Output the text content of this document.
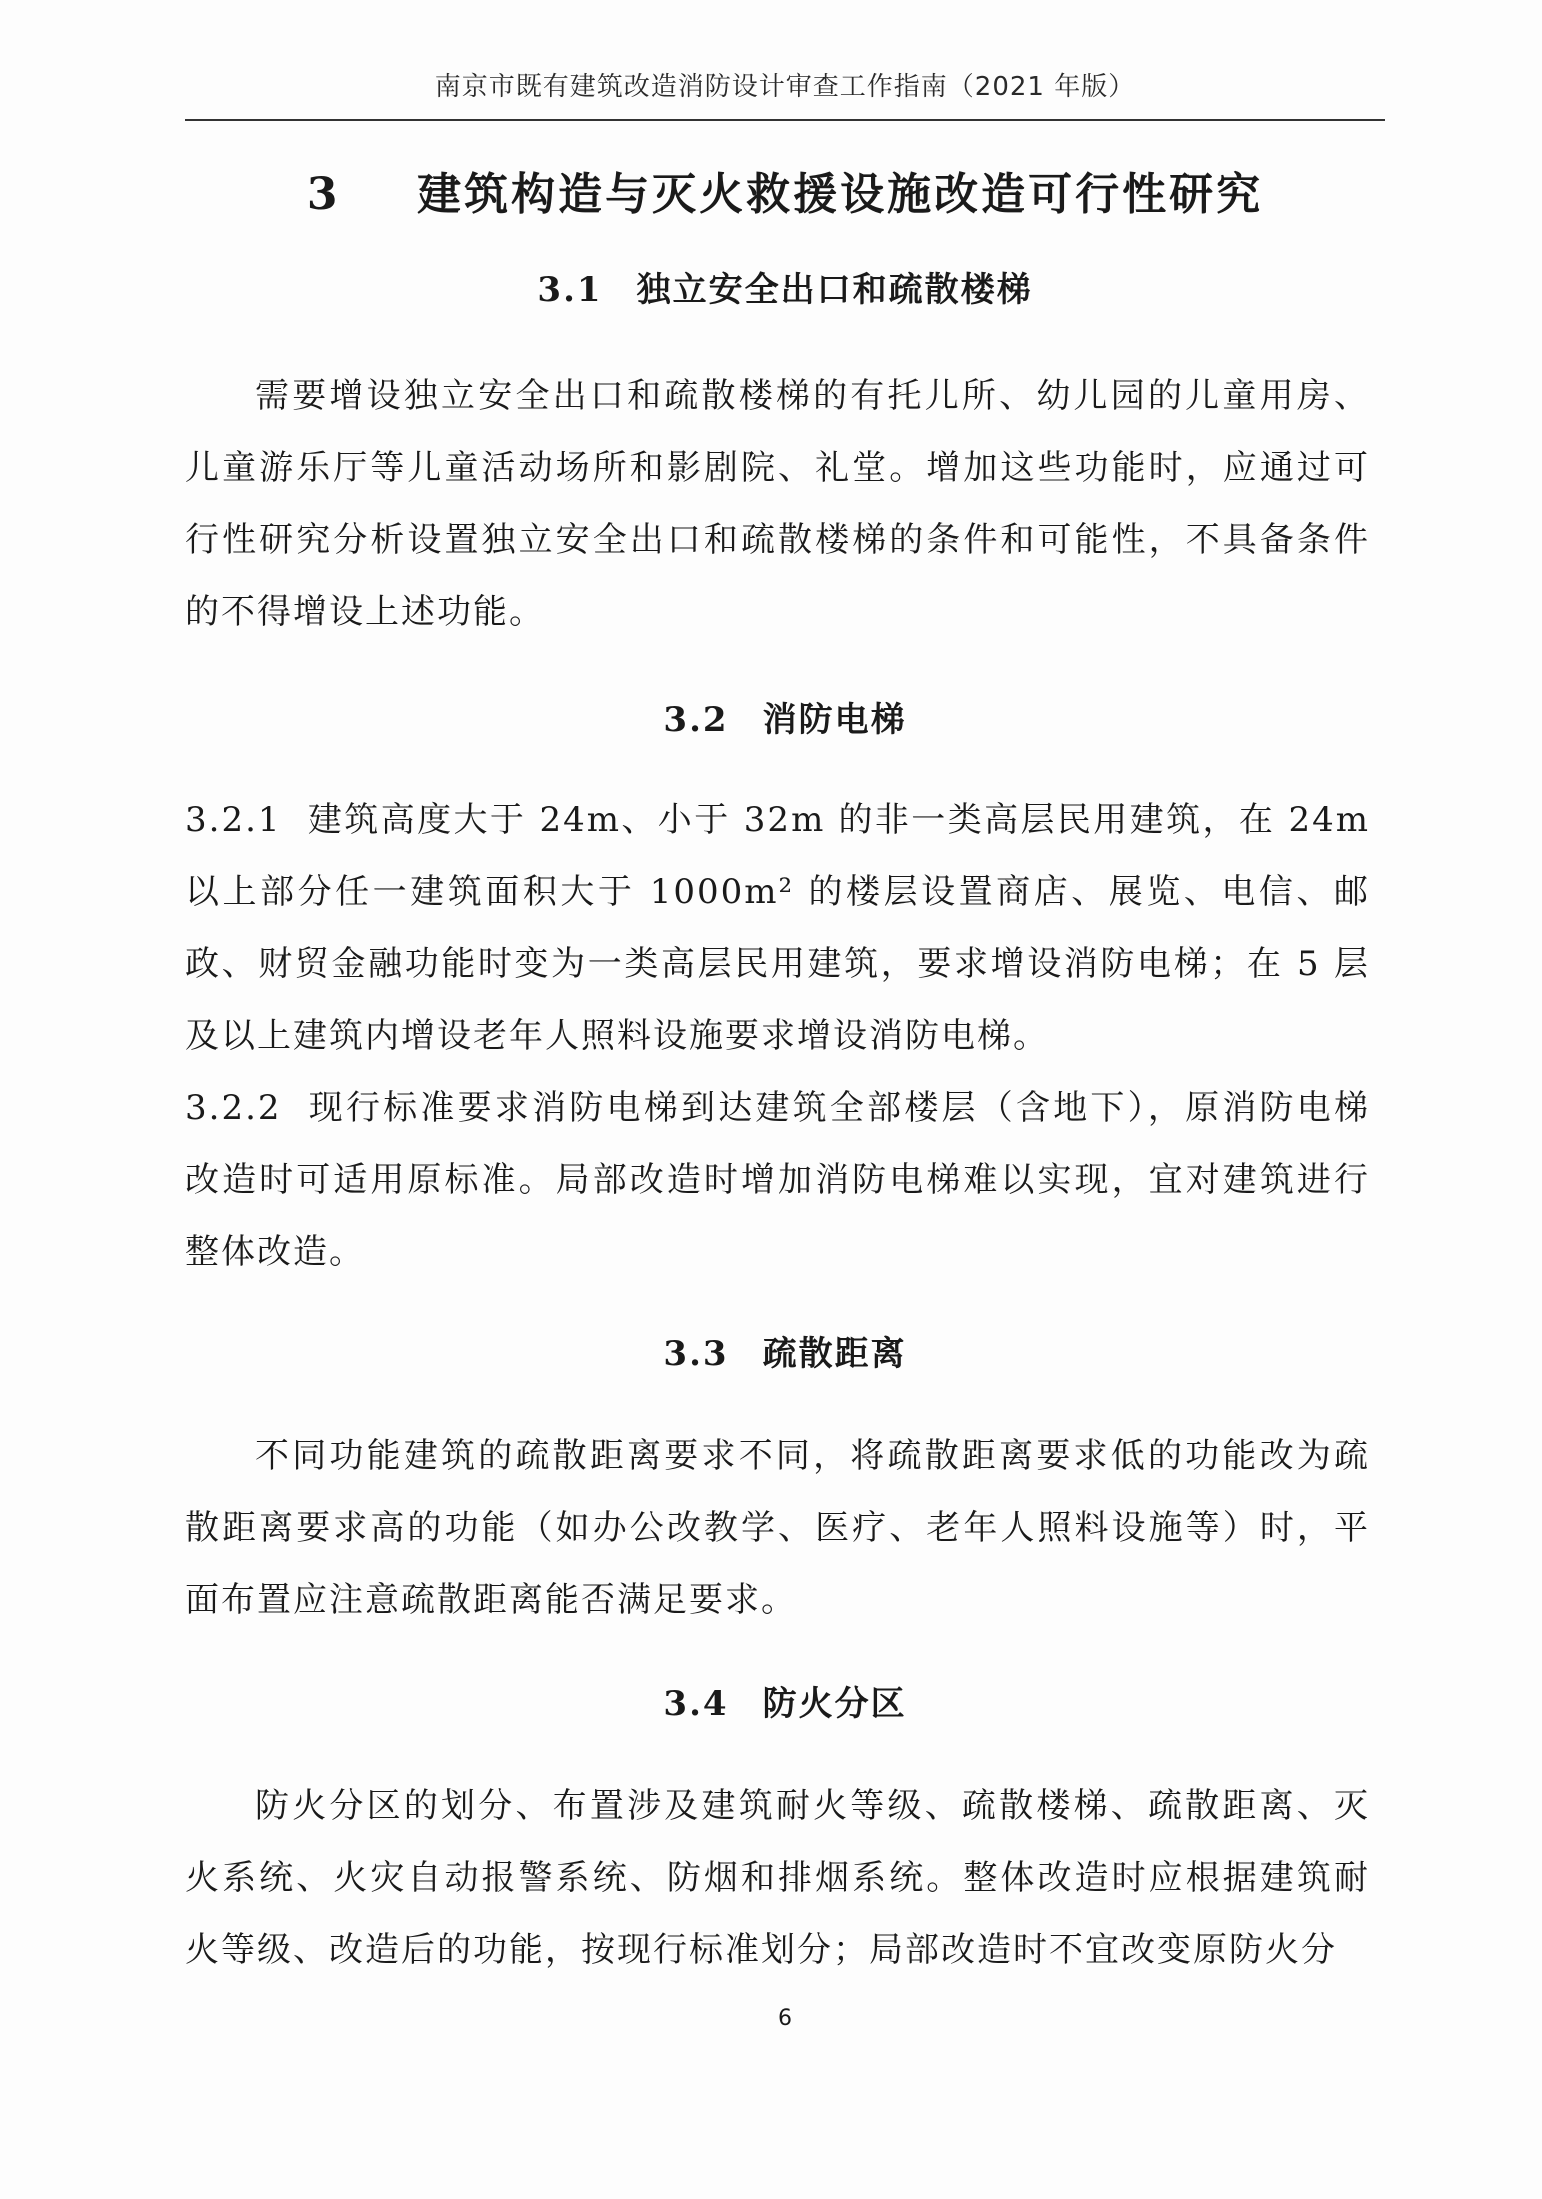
南京市既有建筑改造消防设计审查工作指南（2021 年版）
3 建筑构造与灭火救援设施改造可行性研究
3.1 独立安全出口和疏散楼梯

需要增设独立安全出口和疏散楼梯的有托儿所、幼儿园的儿童用房、儿童游乐厅等儿童活动场所和影剧院、礼堂。增加这些功能时，应通过可行性研究分析设置独立安全出口和疏散楼梯的条件和可能性，不具备条件的不得增设上述功能。

3.2 消防电梯

3.2.1 建筑高度大于 24m、小于 32m 的非一类高层民用建筑，在 24m 以上部分任一建筑面积大于 1000m² 的楼层设置商店、展览、电信、邮政、财贸金融功能时变为一类高层民用建筑，要求增设消防电梯；在 5 层及以上建筑内增设老年人照料设施要求增设消防电梯。

3.2.2 现行标准要求消防电梯到达建筑全部楼层（含地下），原消防电梯改造时可适用原标准。局部改造时增加消防电梯难以实现，宜对建筑进行整体改造。

3.3 疏散距离

不同功能建筑的疏散距离要求不同，将疏散距离要求低的功能改为疏散距离要求高的功能（如办公改教学、医疗、老年人照料设施等）时，平面布置应注意疏散距离能否满足要求。

3.4 防火分区

防火分区的划分、布置涉及建筑耐火等级、疏散楼梯、疏散距离、灭火系统、火灾自动报警系统、防烟和排烟系统。整体改造时应根据建筑耐火等级、改造后的功能，按现行标准划分；局部改造时不宜改变原防火分

6
